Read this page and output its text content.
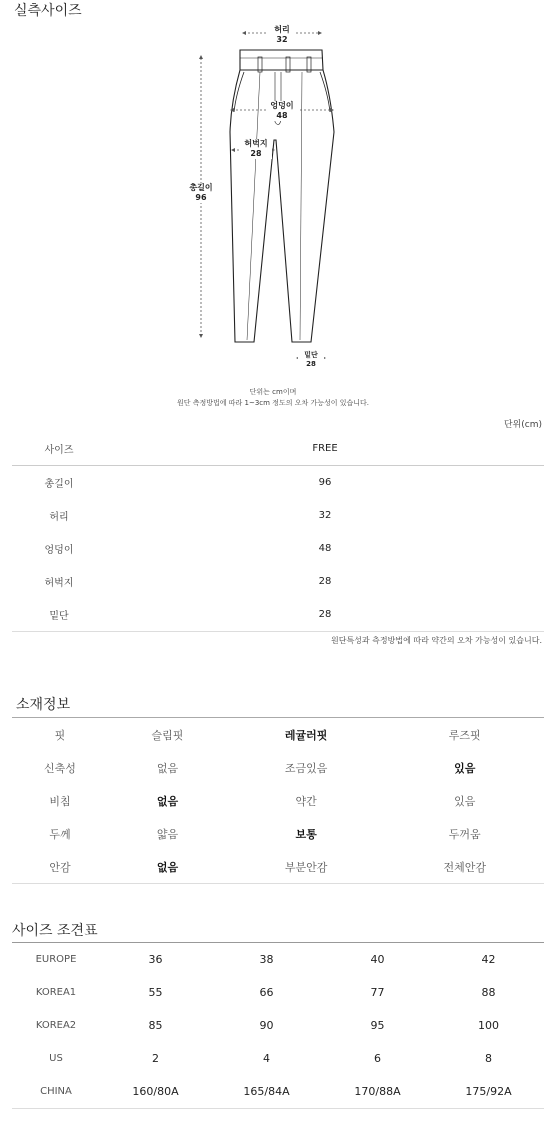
실측사이즈
허리
32
엉덩이
48
허벅지
28
총길이
96
밑단
28
단위는 cm이며
원단 측정방법에 따라 1~3cm 정도의 오차 가능성이 있습니다.
단위(cm)
사이즈	FREE
총길이	96
허리	32
엉덩이	48
허벅지	28
밑단	28
원단특성과 측정방법에 따라 약간의 오차 가능성이 있습니다.
소재정보
핏	슬림핏	레귤러핏	루즈핏
신축성	없음	조금있음	있음
비침	없음	약간	있음
두께	얇음	보통	두꺼움
안감	없음	부분안감	전체안감
사이즈 조견표
EUROPE	36	38	40	42
KOREA1	55	66	77	88
KOREA2	85	90	95	100
US	2	4	6	8
CHINA	160/80A	165/84A	170/88A	175/92A
